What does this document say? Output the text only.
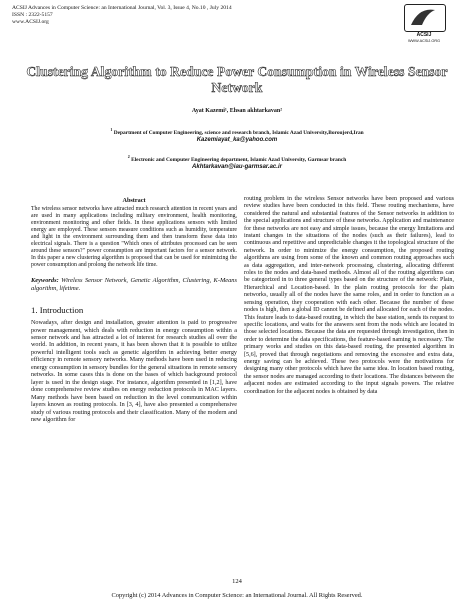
ACSIJ Advances in Computer Science: an International Journal, Vol. 3, Issue 4, No.10 , July 2014
ISSN : 2322-5157
www.ACSIJ.org
ACSIJ
WWW.ACSIJ.ORG
Clustering Algorithm to Reduce Power Consumption in Wireless Sensor Network
Ayat Kazemi¹, Ehsan akhtarkavan²
$^1$ Department of Computer Engineering, science and research branch, Islamic Azad University,Boroujerd,Iran
Kazemiayat_ka@yahoo.com
$^2$ Electronic and Computer Engineering department, Islamic Azad University, Garmsar branch
Akhtarkavan@iau-garmsar.ac.ir
Abstract
The wireless sensor networks have attracted much research attention in recent years and are used in many applications including military environment, health monitoring, environment monitoring and other fields. In these applications sensors with limited energy are employed. These sensors measure conditions such as humidity, temperature and light in the environment surrounding them and then transform these data into electrical signals. There is a question "Which ones of attributes processed can be seen around these sensors?" power consumption are important factors for a sensor network. In this paper a new clustering algorithm is proposed that can be used for minimizing the power consumption and prolong the network life time.
Keywords: Wireless Sensor Network, Genetic Algorithm, Clustering, K-Means algorithm, lifetime.
1. Introduction
Nowadays, after design and installation, greater attention is paid to progressive power management, which deals with reduction in energy consumption within a sensor network and has attracted a lot of interest for research studies all over the world. In addition, in recent years, it has been shown that it is possible to utilize powerful intelligent tools such as genetic algorithm in achieving better energy efficiency in remote sensory networks. Many methods have been used in reducing energy consumption in sensory bundles for the general situations in remote sensory networks. In some cases this is done on the bases of which background protocol layer is used in the design stage. For instance, algorithm presented in [1,2], have done comprehensive review studies on energy reduction protocols in MAC layers. Many methods have been based on reduction in the level communication within layers known as routing protocols. In [3, 4], have also presented a comprehensive study of various routing protocols and their classification. Many of the modern and new algorithm for
routing problem in the wireless Sensor networks have been proposed and various review studies have been conducted in this field. These routing mechanisms, have considered the natural and substantial features of the Sensor networks in addition to the special applications and structure of these networks. Application and maintenance for these networks are not easy and simple issues, because the energy limitations and instant changes in the situations of the nodes (such as their failures), lead to continuous and repetitive and unpredictable changes it the topological structure of the network. In order to minimize the energy consumption, the proposed routing algorithms are using from some of the known and common routing approaches such as data aggregation, and inter-network processing, clustering, allocating different roles to the nodes and data-based methods. Almost all of the routing algorithms can be categorized in to three general types based on the structure of the network: Plain, Hierarchical and Location-based. In the plain routing protocols for the plain networks, usually all of the nodes have the same roles, and in order to function as a sensing operation, they cooperation with each other. Because the number of these nodes is high, then a global ID cannot be defined and allocated for each of the nodes. This feature leads to data-based routing, in which the base station, sends its request to specific locations, and waits for the answers sent from the nods which are located in those selected locations. Because the data are requested through investigation, then in order to determine the data specifications, the feature-based naming is necessary. The primary works and studies on this data-based routing, the presented algorithm in [5,6], proved that through negotiations and removing the excessive and extra data, energy saving can be achieved. These two protocols were the motivations for designing many other protocols which have the same idea. In location based routing, the sensor nodes are managed according to their locations. The distances between the adjacent nodes are estimated according to the input signals powers. The relative coordination for the adjacent nodes is obtained by data
124
Copyright (c) 2014 Advances in Computer Science: an International Journal. All Rights Reserved.
